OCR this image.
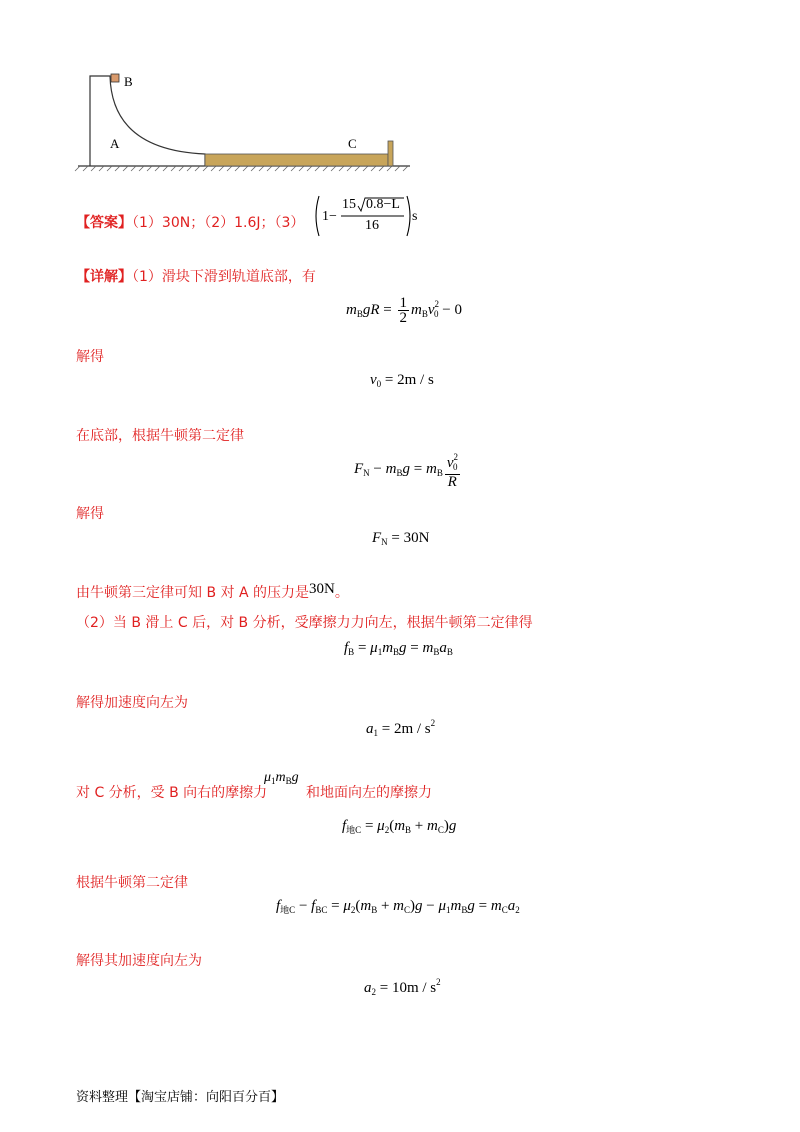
B
A	C
【答案】（1）30N；（2）1.6J；（3） 1−
15 0.8−L
16
s
【详解】（1）滑块下滑到轨道底部，有
$m_BgR = \frac{1}{2} m_Bv^2_0 - 0$
解得
$v_0 = 2m / s$
在底部，根据牛顿第二定律
$F_N - m_Bg = m_B \frac{v^2_0}{R}$
解得
$F_N = 30N$
由牛顿第三定律可知 B 对 A 的压力是30N。
（2）当 B 滑上 C 后，对 B 分析，受摩擦力力向左，根据牛顿第二定律得
$f_B = \mu_1m_Bg = m_Ba_B$
解得加速度向左为
$a_1 = 2m / s^2$
对 C 分析，受 B 向右的摩擦力
$\mu_1m_Bg$
和地面向左的摩擦力
$f_{地C} = \mu_2(m_B + m_C)g$
根据牛顿第二定律
$f_{地C} - f_{BC} = \mu_2(m_B + m_C)g - \mu_1m_Bg = m_Ca_2$
解得其加速度向左为
$a_2 = 10m / s^2$
资料整理【淘宝店铺：向阳百分百】
